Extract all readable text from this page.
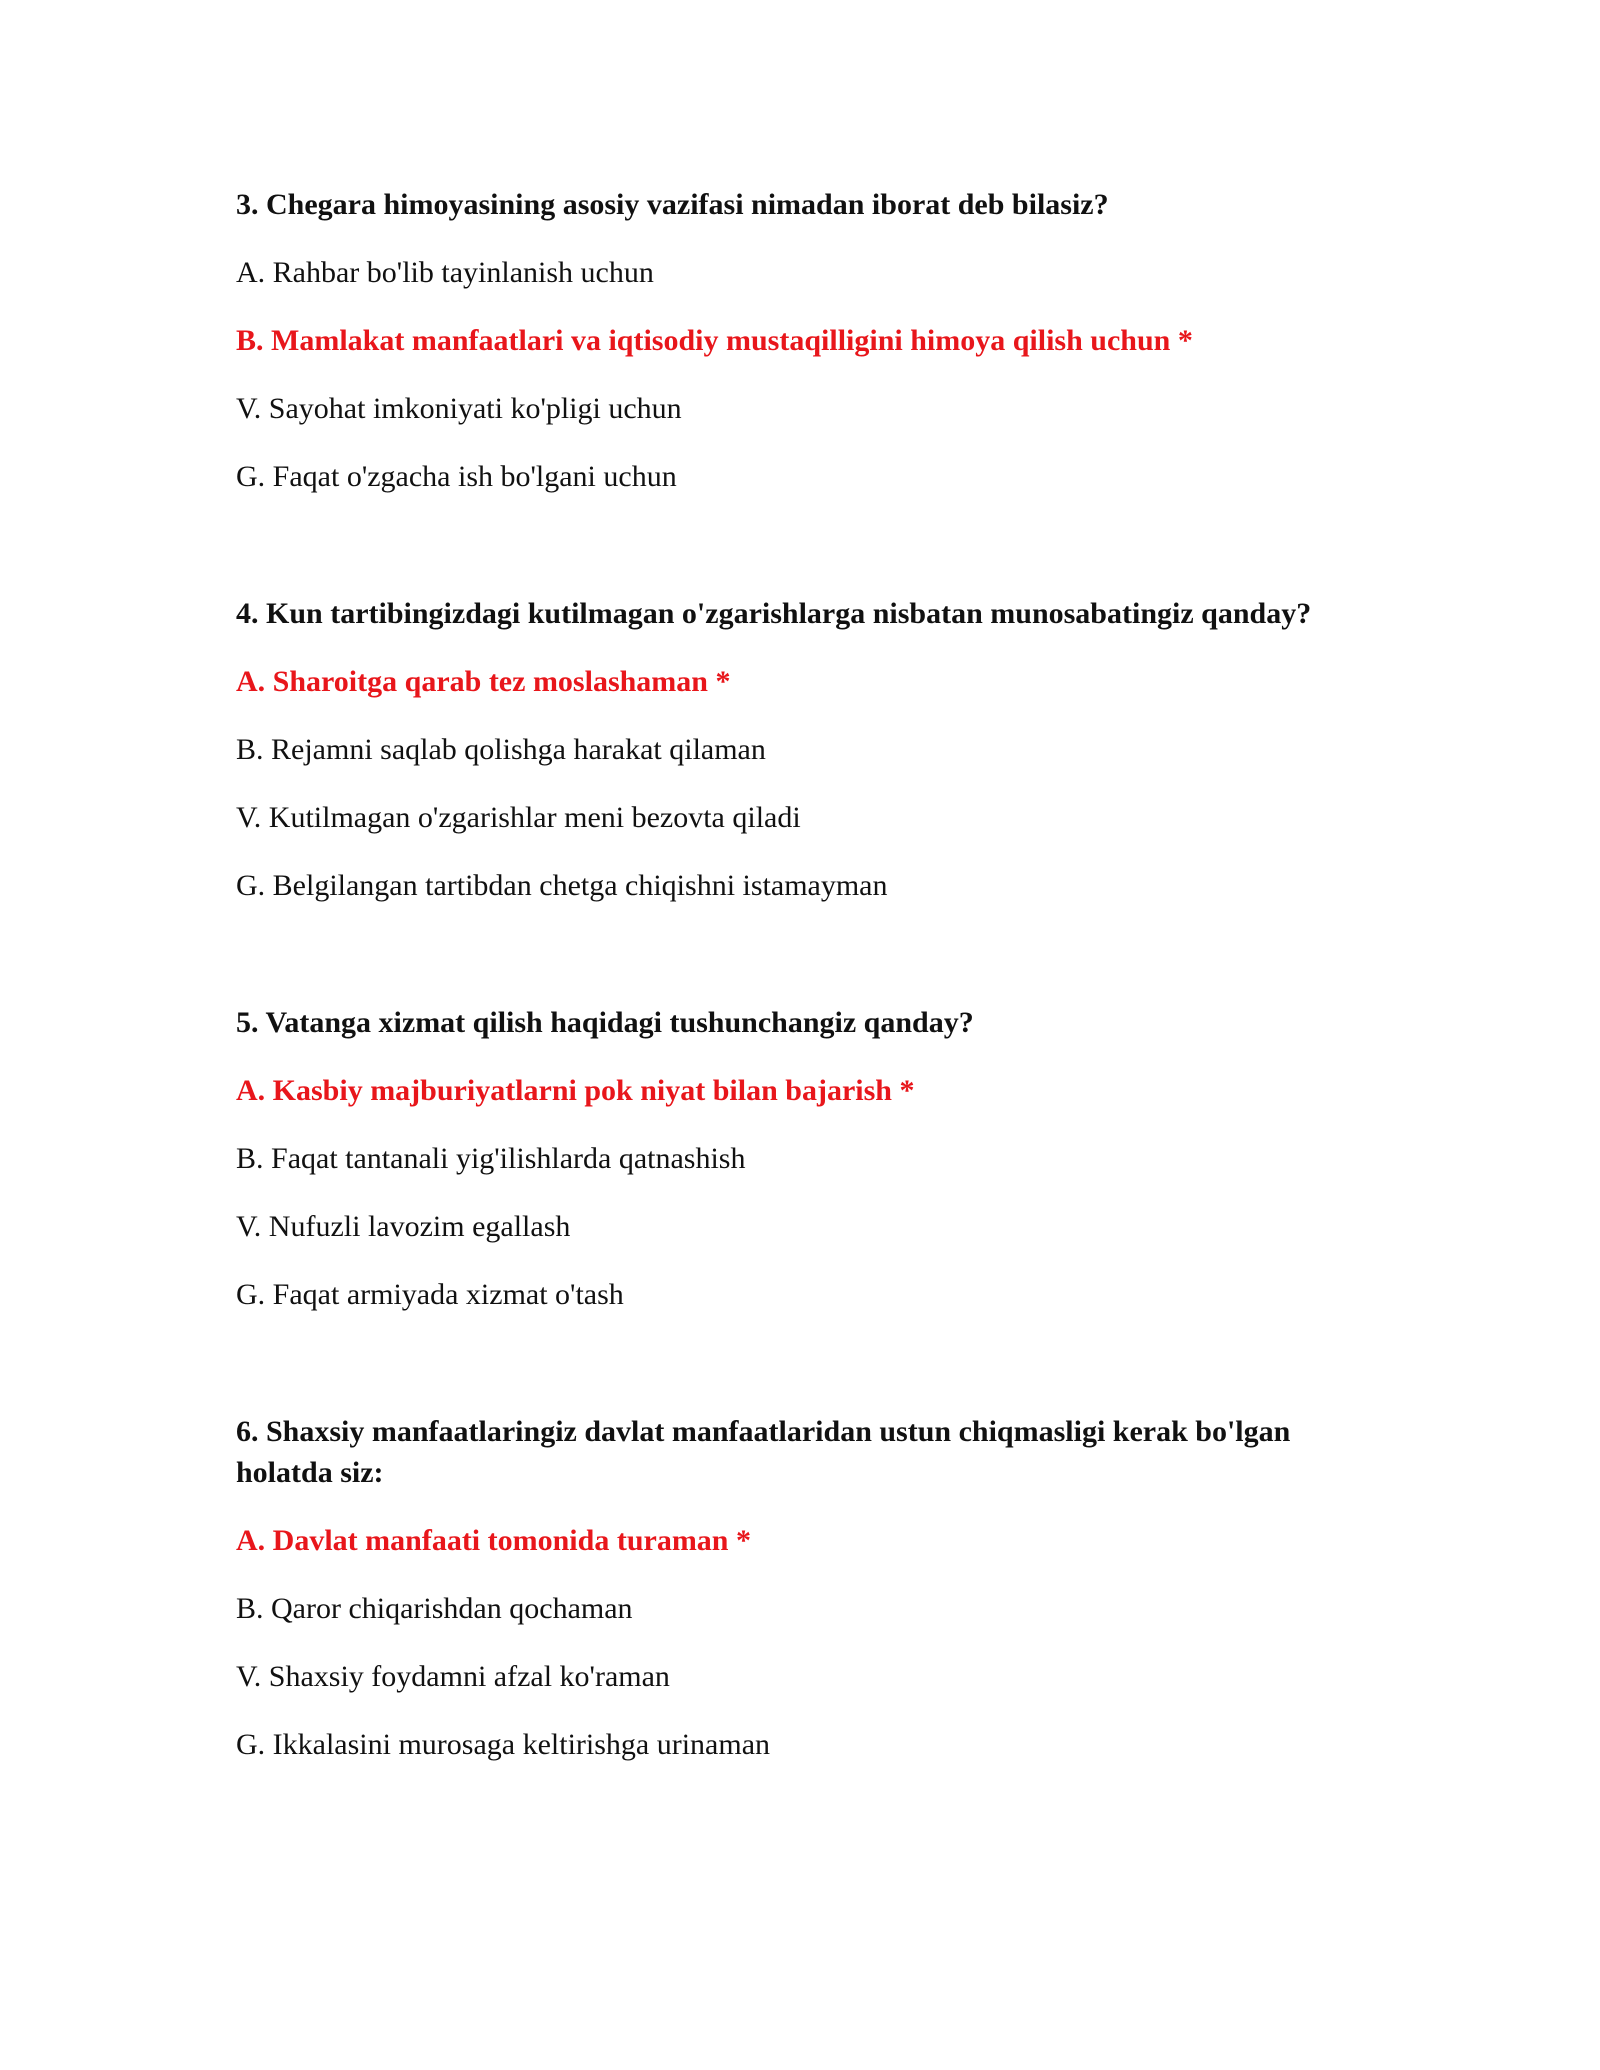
3. Chegara himoyasining asosiy vazifasi nimadan iborat deb bilasiz?

A. Rahbar bo'lib tayinlanish uchun

B. Mamlakat manfaatlari va iqtisodiy mustaqilligini himoya qilish uchun *

V. Sayohat imkoniyati ko'pligi uchun

G. Faqat o'zgacha ish bo'lgani uchun

4. Kun tartibingizdagi kutilmagan o'zgarishlarga nisbatan munosabatingiz qanday?

A. Sharoitga qarab tez moslashaman *

B. Rejamni saqlab qolishga harakat qilaman

V. Kutilmagan o'zgarishlar meni bezovta qiladi

G. Belgilangan tartibdan chetga chiqishni istamayman

5. Vatanga xizmat qilish haqidagi tushunchangiz qanday?

A. Kasbiy majburiyatlarni pok niyat bilan bajarish *

B. Faqat tantanali yig'ilishlarda qatnashish

V. Nufuzli lavozim egallash

G. Faqat armiyada xizmat o'tash

6. Shaxsiy manfaatlaringiz davlat manfaatlaridan ustun chiqmasligi kerak bo'lgan holatda siz:

A. Davlat manfaati tomonida turaman *

B. Qaror chiqarishdan qochaman

V. Shaxsiy foydamni afzal ko'raman

G. Ikkalasini murosaga keltirishga urinaman
